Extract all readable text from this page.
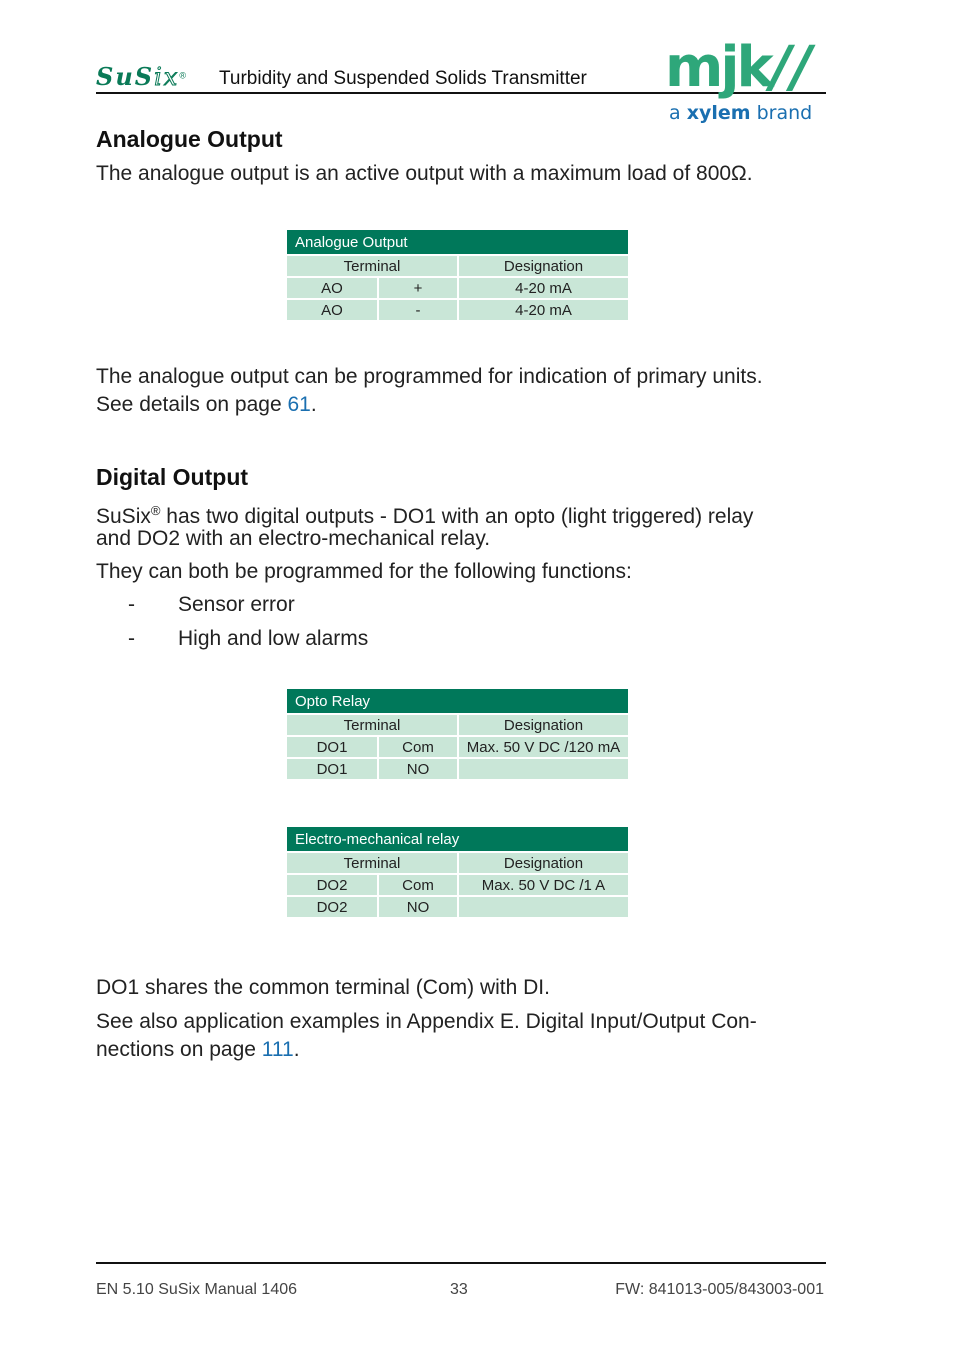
SuSix® Turbidity and Suspended Solids Transmitter mjk//
a xylem brand
Analogue Output

The analogue output is an active output with a maximum load of 800Ω.

Analogue Output		
Terminal		Designation
AO	+	4-20 mA
AO	-	4-20 mA

The analogue output can be programmed for indication of primary units.

See details on page 61.

Digital Output

SuSix® has two digital outputs - DO1 with an opto (light triggered) relay

and DO2 with an electro-mechanical relay.

They can both be programmed for the following functions:

- Sensor error
- High and low alarms
Opto Relay		
Terminal		Designation
DO1	Com	Max. 50 V DC /120 mA
DO1	NO	
Electro-mechanical relay		
Terminal		Designation
DO2	Com	Max. 50 V DC /1 A
DO2	NO	

DO1 shares the common terminal (Com) with DI.

See also application examples in Appendix E. Digital Input/Output Con-

nections on page 111.

EN 5.10 SuSix Manual 1406	33	FW: 841013-005/843003-001
